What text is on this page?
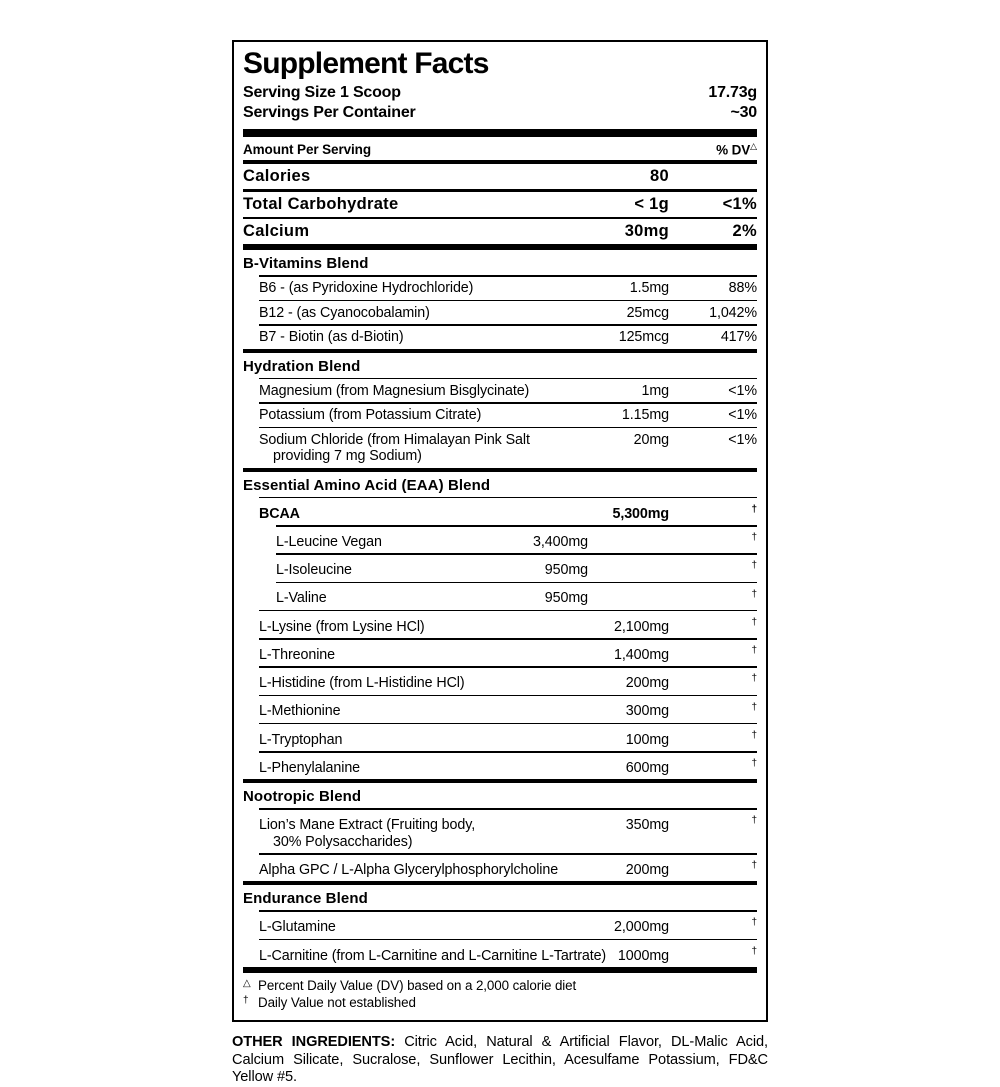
Supplement Facts
Serving Size 1 Scoop	17.73g
Servings Per Container	~30
Amount Per Serving	% DV△
Calories	80
Total Carbohydrate	< 1g	<1%
Calcium	30mg	2%
B-Vitamins Blend
B6 - (as Pyridoxine Hydrochloride)	1.5mg	88%
B12 - (as Cyanocobalamin)	25mcg	1,042%
B7 - Biotin (as d-Biotin)	125mcg	417%
Hydration Blend
Magnesium (from Magnesium Bisglycinate)	1mg	<1%
Potassium (from Potassium Citrate)	1.15mg	<1%
Sodium Chloride (from Himalayan Pink Salt
providing 7 mg Sodium)
20mg	<1%
Essential Amino Acid (EAA) Blend
BCAA	5,300mg	†
L-Leucine Vegan	3,400mg	†
L-Isoleucine	950mg	†
L-Valine	950mg	†
L-Lysine (from Lysine HCl)	2,100mg	†
L-Threonine	1,400mg	†
L-Histidine (from L-Histidine HCl)	200mg	†
L-Methionine	300mg	†
L-Tryptophan	100mg	†
L-Phenylalanine	600mg	†
Nootropic Blend
Lion’s Mane Extract (Fruiting body,
30% Polysaccharides)
350mg	†
Alpha GPC / L-Alpha Glycerylphosphorylcholine	200mg	†
Endurance Blend
L-Glutamine	2,000mg	†
L-Carnitine (from L-Carnitine and L-Carnitine L-Tartrate) 1000mg	†
△ Percent Daily Value (DV) based on a 2,000 calorie diet
† Daily Value not established

OTHER INGREDIENTS: Citric Acid, Natural & Artificial Flavor, DL-Malic Acid, Calcium Silicate, Sucralose, Sunflower Lecithin, Acesulfame Potassium, FD&C Yellow #5.
